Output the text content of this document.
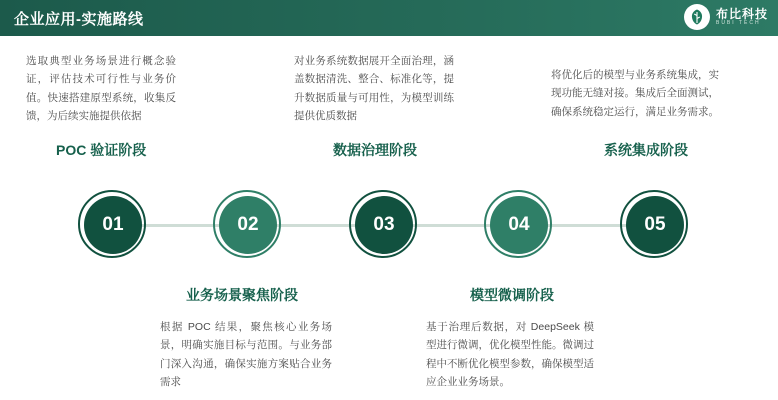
企业应用-实施路线	布比科技
BUBI TECH
选取典型业务场景进行概念验证，评估技术可行性与业务价值。快速搭建原型系统，收集反馈，为后续实施提供依据
对业务系统数据展开全面治理，涵盖数据清洗、整合、标准化等，提升数据质量与可用性，为模型训练提供优质数据
将优化后的模型与业务系统集成，实现功能无缝对接。集成后全面测试，确保系统稳定运行，满足业务需求。
根据 POC 结果，聚焦核心业务场景，明确实施目标与范围。与业务部门深入沟通，确保实施方案贴合业务需求
基于治理后数据，对 DeepSeek 模型进行微调，优化模型性能。微调过程中不断优化模型参数，确保模型适应企业业务场景。
POC 验证阶段
业务场景聚焦阶段
数据治理阶段
模型微调阶段
系统集成阶段
01	02	03	04	05
